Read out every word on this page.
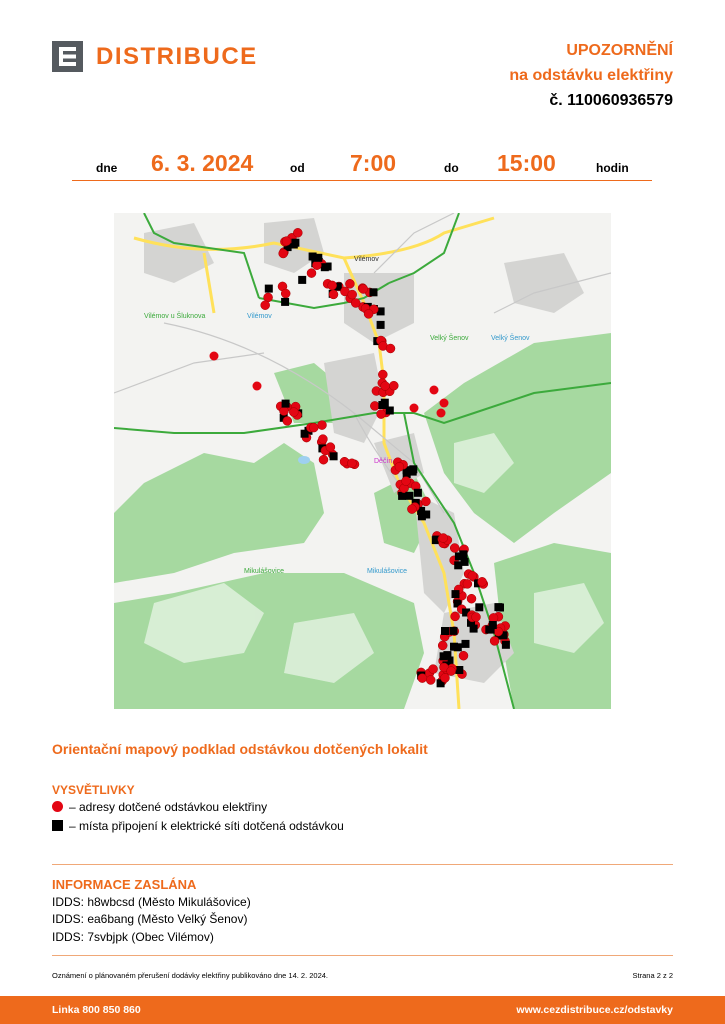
DISTRIBUCE	UPOZORNĚNÍ
na odstávku elektřiny
č. 110060936579
dne 6. 3. 2024	od 7:00	do 15:00	hodin
Vilémov
Vilémov u Šluknova	Vilémov
Velký Šenov	Velký Šenov
Děčín
Mikulášovice	Mikulášovice
Orientační mapový podklad odstávkou dotčených lokalit
VYSVĚTLIVKY
– adresy dotčené odstávkou elektřiny
– místa připojení k elektrické síti dotčená odstávkou
INFORMACE ZASLÁNA
IDDS: h8wbcsd (Město Mikulášovice)
IDDS: ea6bang (Město Velký Šenov)
IDDS: 7svbjpk (Obec Vilémov)
Oznámení o plánovaném přerušení dodávky elektřiny publikováno dne 14. 2. 2024.	Strana 2 z 2
Linka 800 850 860	www.cezdistribuce.cz/odstavky
